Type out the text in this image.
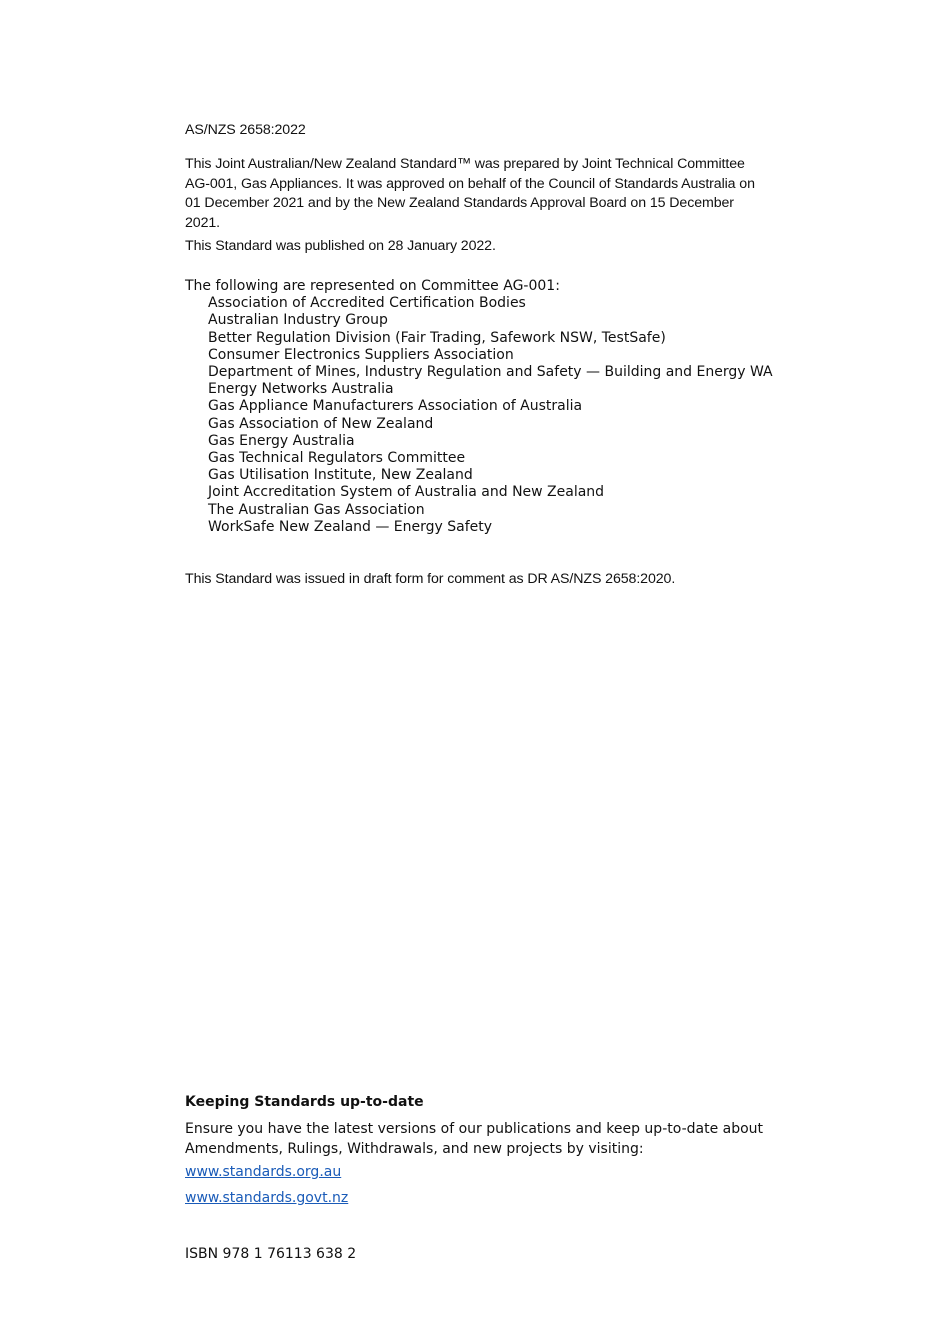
AS/NZS 2658:2022
This Joint Australian/New Zealand Standard™ was prepared by Joint Technical Committee AG-001, Gas Appliances. It was approved on behalf of the Council of Standards Australia on 01 December 2021 and by the New Zealand Standards Approval Board on 15 December 2021.
This Standard was published on 28 January 2022.

The following are represented on Committee AG-001:

Association of Accredited Certification Bodies
Australian Industry Group
Better Regulation Division (Fair Trading, Safework NSW, TestSafe)
Consumer Electronics Suppliers Association
Department of Mines, Industry Regulation and Safety — Building and Energy WA
Energy Networks Australia
Gas Appliance Manufacturers Association of Australia
Gas Association of New Zealand
Gas Energy Australia
Gas Technical Regulators Committee
Gas Utilisation Institute, New Zealand
Joint Accreditation System of Australia and New Zealand
The Australian Gas Association
WorkSafe New Zealand — Energy Safety
This Standard was issued in draft form for comment as DR AS/NZS 2658:2020.
Keeping Standards up-to-date
Ensure you have the latest versions of our publications and keep up-to-date about Amendments, Rulings, Withdrawals, and new projects by visiting:
www.standards.org.au
www.standards.govt.nz
ISBN 978 1 76113 638 2
